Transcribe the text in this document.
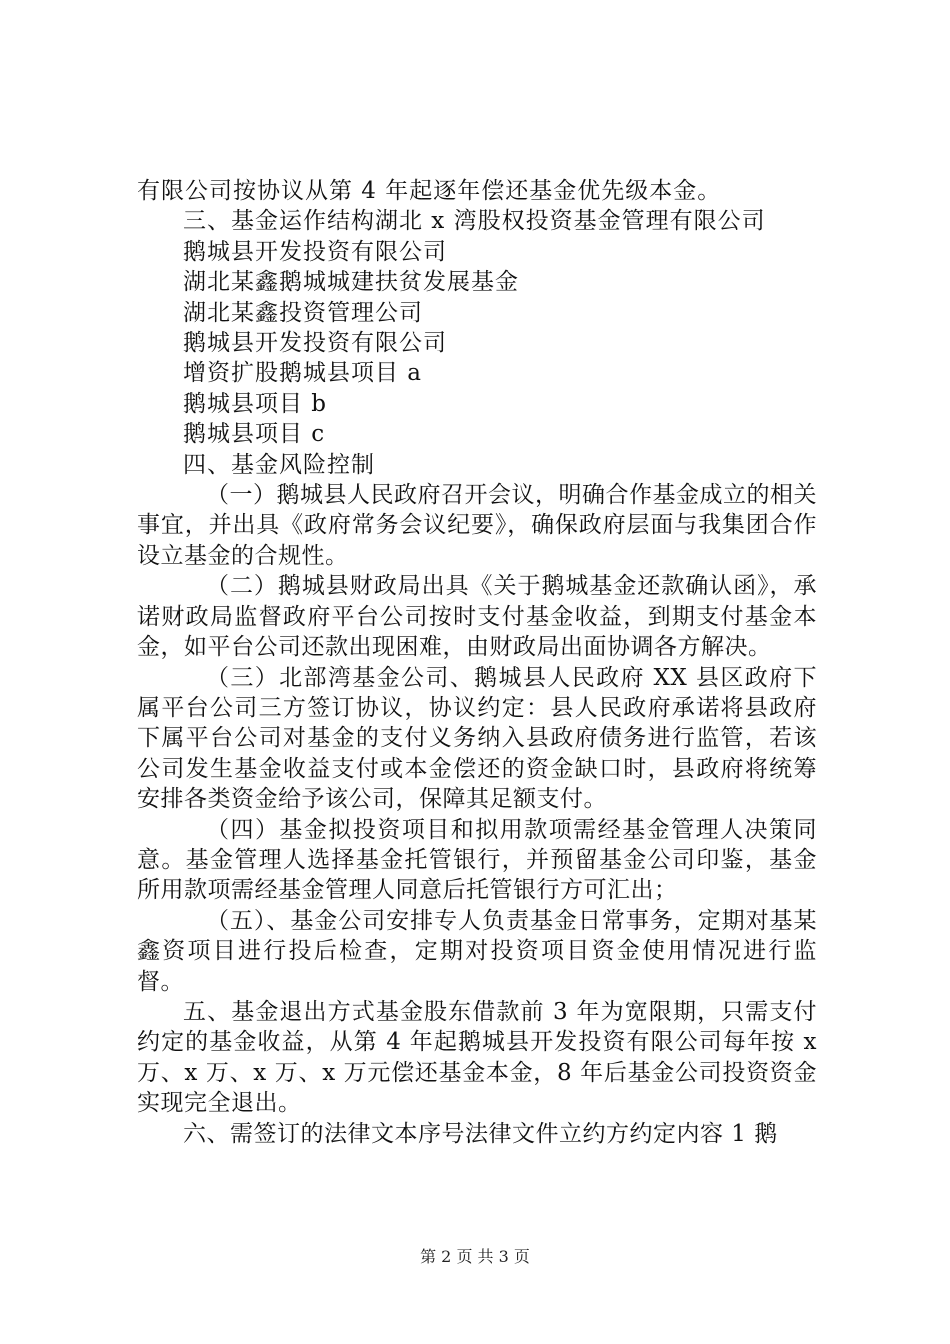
有限公司按协议从第 4 年起逐年偿还基金优先级本金。

三、基金运作结构湖北 x 湾股权投资基金管理有限公司

鹅城县开发投资有限公司

湖北某鑫鹅城城建扶贫发展基金

湖北某鑫投资管理公司

鹅城县开发投资有限公司

增资扩股鹅城县项目 a

鹅城县项目 b

鹅城县项目 c

四、基金风险控制

（一）鹅城县人民政府召开会议，明确合作基金成立的相关事宜，并出具《政府常务会议纪要》，确保政府层面与我集团合作设立基金的合规性。

（二）鹅城县财政局出具《关于鹅城基金还款确认函》，承诺财政局监督政府平台公司按时支付基金收益，到期支付基金本金，如平台公司还款出现困难，由财政局出面协调各方解决。

（三）北部湾基金公司、鹅城县人民政府 XX 县区政府下属平台公司三方签订协议，协议约定：县人民政府承诺将县政府下属平台公司对基金的支付义务纳入县政府债务进行监管，若该公司发生基金收益支付或本金偿还的资金缺口时，县政府将统筹安排各类资金给予该公司，保障其足额支付。

（四）基金拟投资项目和拟用款项需经基金管理人决策同意。基金管理人选择基金托管银行，并预留基金公司印鉴，基金所用款项需经基金管理人同意后托管银行方可汇出；

（五）、基金公司安排专人负责基金日常事务，定期对基某鑫资项目进行投后检查，定期对投资项目资金使用情况进行监督。

五、基金退出方式基金股东借款前 3 年为宽限期，只需支付约定的基金收益，从第 4 年起鹅城县开发投资有限公司每年按 x 万、x 万、x 万、x 万元偿还基金本金，8 年后基金公司投资资金实现完全退出。

六、需签订的法律文本序号法律文件立约方约定内容 1 鹅

第 2 页 共 3 页
